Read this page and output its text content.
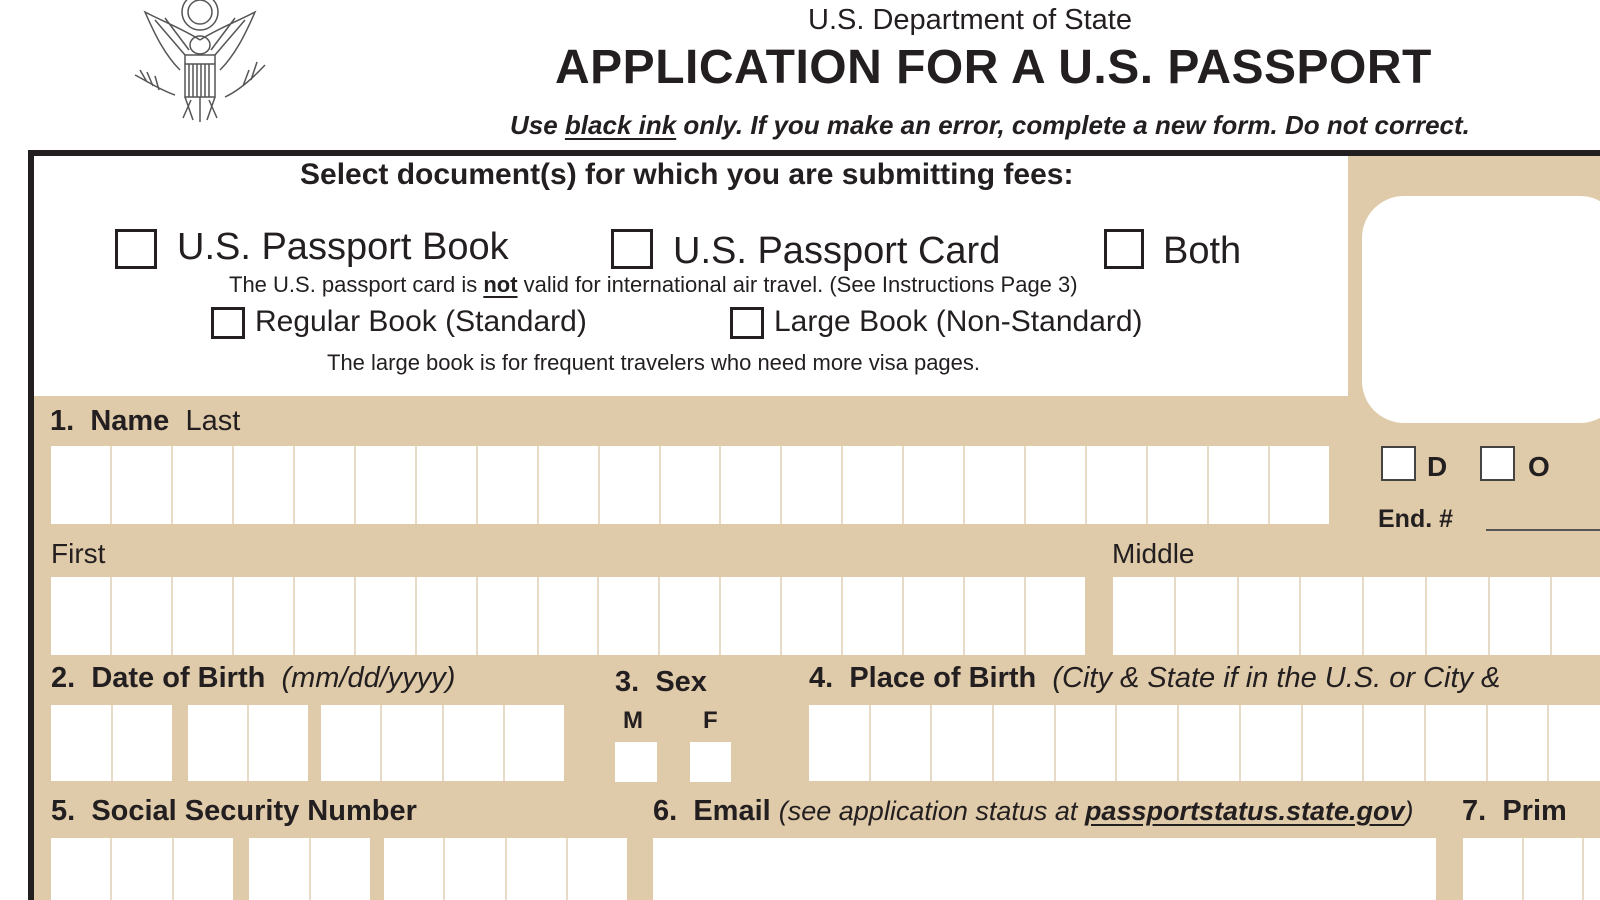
U.S. Department of State
APPLICATION FOR A U.S. PASSPORT
Use black ink only. If you make an error, complete a new form. Do not correct.
Select document(s) for which you are submitting fees:
U.S. Passport Book	U.S. Passport Card	Both
The U.S. passport card is not valid for international air travel. (See Instructions Page 3)
Regular Book (Standard)	Large Book (Non-Standard)
The large book is for frequent travelers who need more visa pages.
1. Name Last
D	O
End. #
First	Middle
2. Date of Birth (mm/dd/yyyy)	3. Sex
M	F
4. Place of Birth (City & State if in the U.S. or City &
5. Social Security Number	6. Email (see application status at passportstatus.state.gov) 7. Prim
